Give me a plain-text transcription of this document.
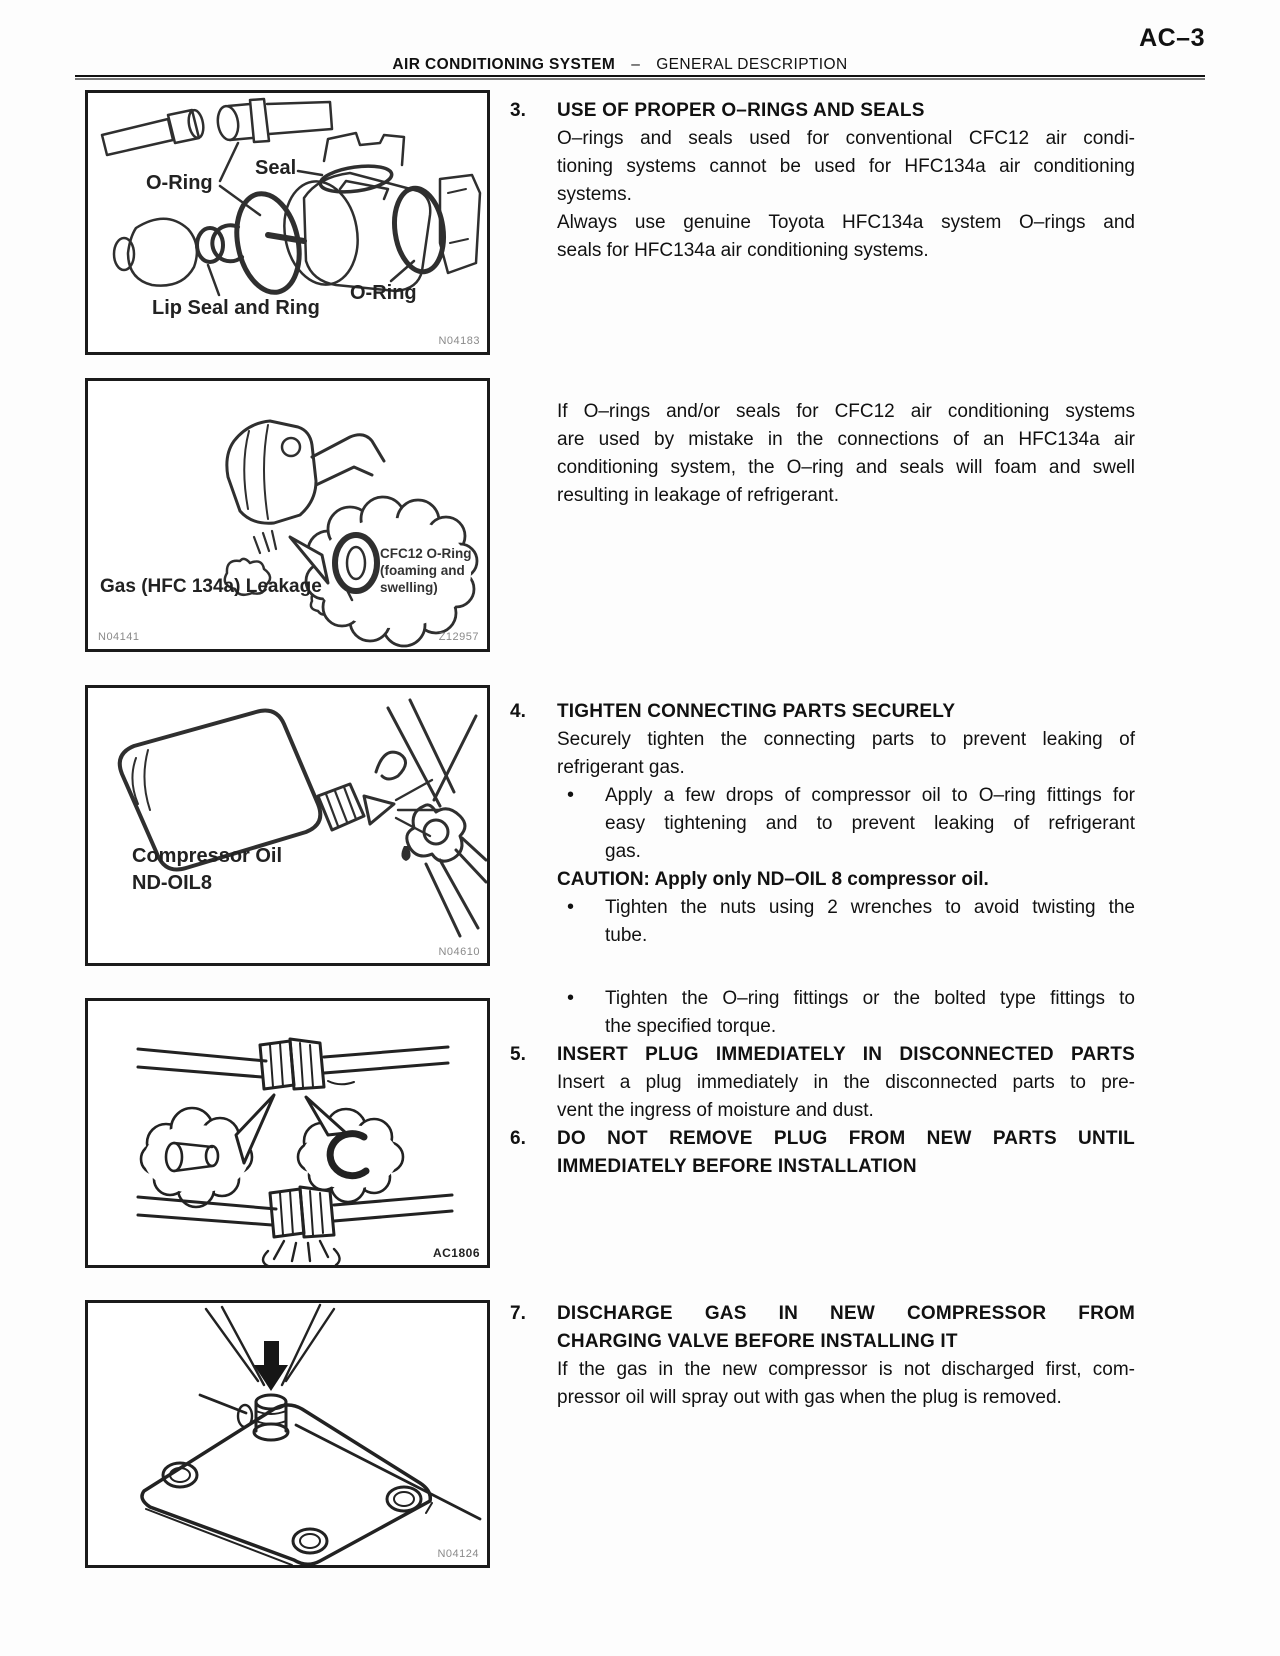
AC–3
AIR CONDITIONING SYSTEM – GENERAL DESCRIPTION
O-Ring
Seal
Lip Seal and Ring
O-Ring
N04183
CFC12 O-Ring
(foaming and
swelling)
Gas (HFC 134a) Leakage
N04141	Z12957
Compressor Oil
ND-OIL8
N04610
AC1806
N04124
3. USE OF PROPER O–RINGS AND SEALS
O–rings and seals used for conventional CFC12 air condi-
tioning systems cannot be used for HFC134a air conditioning
systems.
Always use genuine Toyota HFC134a system O–rings and
seals for HFC134a air conditioning systems.
If O–rings and/or seals for CFC12 air conditioning systems
are used by mistake in the connections of an HFC134a air
conditioning system, the O–ring and seals will foam and swell
resulting in leakage of refrigerant.
4. TIGHTEN CONNECTING PARTS SECURELY
Securely tighten the connecting parts to prevent leaking of
refrigerant gas.
• Apply a few drops of compressor oil to O–ring fittings for
easy tightening and to prevent leaking of refrigerant
gas.
CAUTION: Apply only ND–OIL 8 compressor oil.
• Tighten the nuts using 2 wrenches to avoid twisting the
tube.
• Tighten the O–ring fittings or the bolted type fittings to
the specified torque.
5. INSERT PLUG IMMEDIATELY IN DISCONNECTED PARTS
Insert a plug immediately in the disconnected parts to pre-
vent the ingress of moisture and dust.
6. DO NOT REMOVE PLUG FROM NEW PARTS UNTIL
IMMEDIATELY BEFORE INSTALLATION
7. DISCHARGE GAS IN NEW COMPRESSOR FROM
CHARGING VALVE BEFORE INSTALLING IT
If the gas in the new compressor is not discharged first, com-
pressor oil will spray out with gas when the plug is removed.
